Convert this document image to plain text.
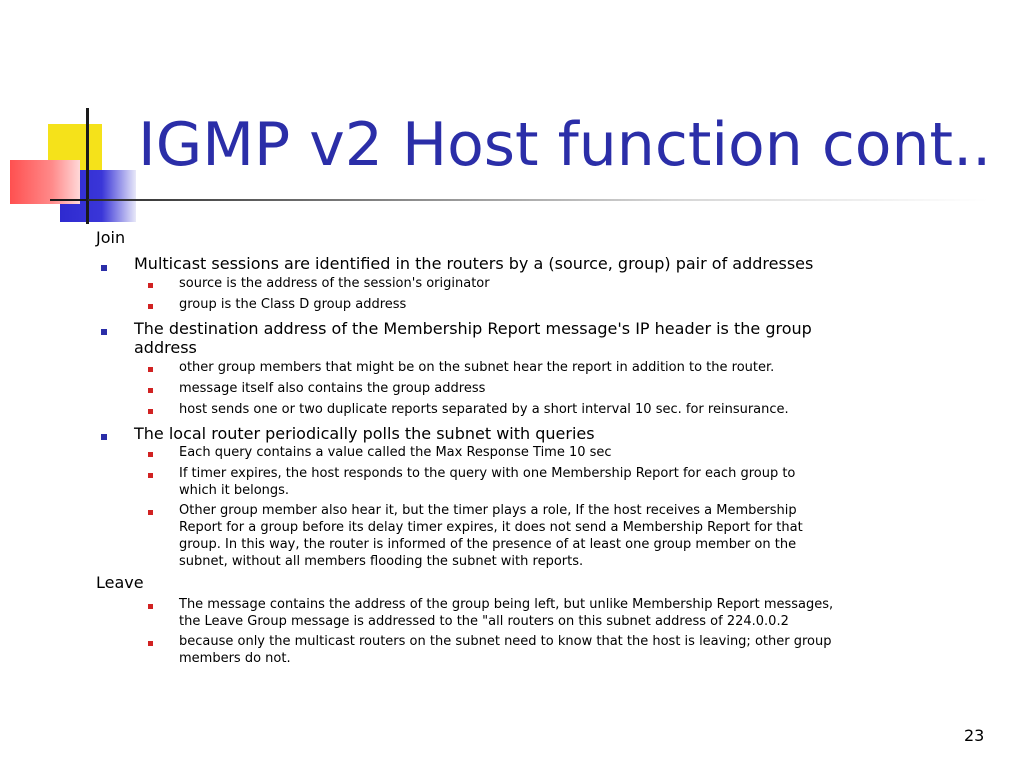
IGMP v2 Host function cont..
Join
Multicast sessions are identified in the routers by a (source, group) pair of addresses
source is the address of the session's originator
group is the Class D group address
The destination address of the Membership Report message's IP header is the group
address
other group members that might be on the subnet hear the report in addition to the router.
message itself also contains the group address
host sends one or two duplicate reports separated by a short interval 10 sec. for reinsurance.
The local router periodically polls the subnet with queries
Each query contains a value called the Max Response Time 10 sec
If timer expires, the host responds to the query with one Membership Report for each group to
which it belongs.
Other group member also hear it, but the timer plays a role, If the host receives a Membership
Report for a group before its delay timer expires, it does not send a Membership Report for that
group. In this way, the router is informed of the presence of at least one group member on the
subnet, without all members flooding the subnet with reports.
Leave
The message contains the address of the group being left, but unlike Membership Report messages,
the Leave Group message is addressed to the "all routers on this subnet address of 224.0.0.2
because only the multicast routers on the subnet need to know that the host is leaving; other group
members do not.
23
